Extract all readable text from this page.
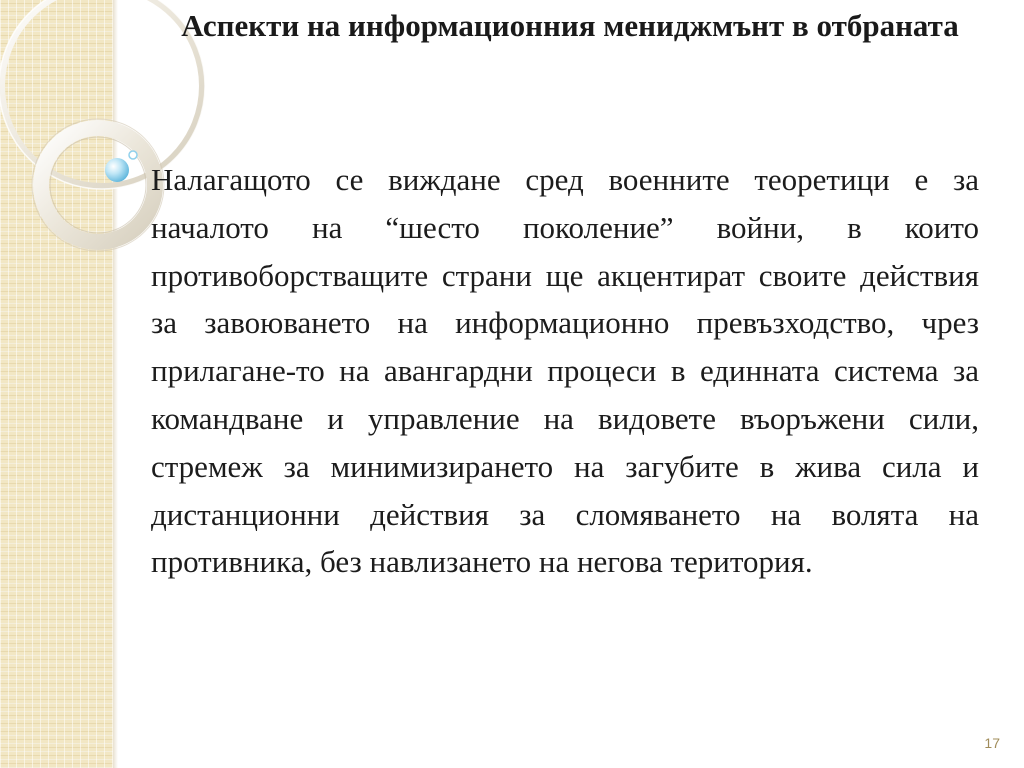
Аспекти на информационния мениджмънт в отбраната

Налагащото се виждане сред военните теоретици е за началото на “шесто поколение” войни, в които противоборстващите страни ще акцентират своите действия за завоюването на информационно превъзходство, чрез прилагане-то на авангардни процеси в единната система за командване и управление на видовете въоръжени сили, стремеж за минимизирането на загубите в жива сила и дистанционни действия за сломяването на волята на противника, без навлизането на негова територия.

17
